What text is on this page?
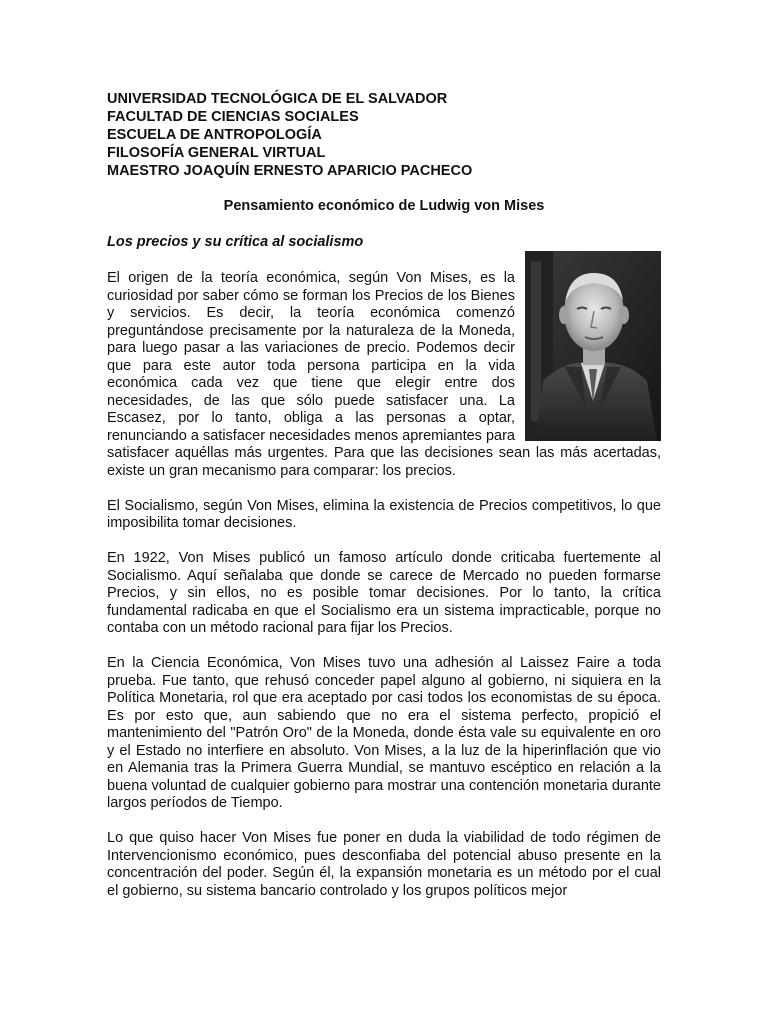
UNIVERSIDAD TECNOLÓGICA DE EL SALVADOR
FACULTAD DE CIENCIAS SOCIALES
ESCUELA DE ANTROPOLOGÍA
FILOSOFÍA GENERAL VIRTUAL
MAESTRO JOAQUÍN ERNESTO APARICIO PACHECO
Pensamiento económico de Ludwig von Mises
Los precios y su crítica al socialismo

El origen de la teoría económica, según Von Mises, es la curiosidad por saber cómo se forman los Precios de los Bienes y servicios. Es decir, la teoría económica comenzó preguntándose precisamente por la naturaleza de la Moneda, para luego pasar a las variaciones de precio. Podemos decir que para este autor toda persona participa en la vida económica cada vez que tiene que elegir entre dos necesidades, de las que sólo puede satisfacer una. La Escasez, por lo tanto, obliga a las personas a optar, renunciando a satisfacer necesidades menos apremiantes para satisfacer aquéllas más urgentes. Para que las decisiones sean las más acertadas, existe un gran mecanismo para comparar: los precios.

El Socialismo, según Von Mises, elimina la existencia de Precios competitivos, lo que imposibilita tomar decisiones.

En 1922, Von Mises publicó un famoso artículo donde criticaba fuertemente al Socialismo. Aquí señalaba que donde se carece de Mercado no pueden formarse Precios, y sin ellos, no es posible tomar decisiones. Por lo tanto, la crítica fundamental radicaba en que el Socialismo era un sistema impracticable, porque no contaba con un método racional para fijar los Precios.

En la Ciencia Económica, Von Mises tuvo una adhesión al Laissez Faire a toda prueba. Fue tanto, que rehusó conceder papel alguno al gobierno, ni siquiera en la Política Monetaria, rol que era aceptado por casi todos los economistas de su época. Es por esto que, aun sabiendo que no era el sistema perfecto, propició el mantenimiento del "Patrón Oro" de la Moneda, donde ésta vale su equivalente en oro y el Estado no interfiere en absoluto. Von Mises, a la luz de la hiperinflación que vio en Alemania tras la Primera Guerra Mundial, se mantuvo escéptico en relación a la buena voluntad de cualquier gobierno para mostrar una contención monetaria durante largos períodos de Tiempo.

Lo que quiso hacer Von Mises fue poner en duda la viabilidad de todo régimen de Intervencionismo económico, pues desconfiaba del potencial abuso presente en la concentración del poder. Según él, la expansión monetaria es un método por el cual el gobierno, su sistema bancario controlado y los grupos políticos mejor
